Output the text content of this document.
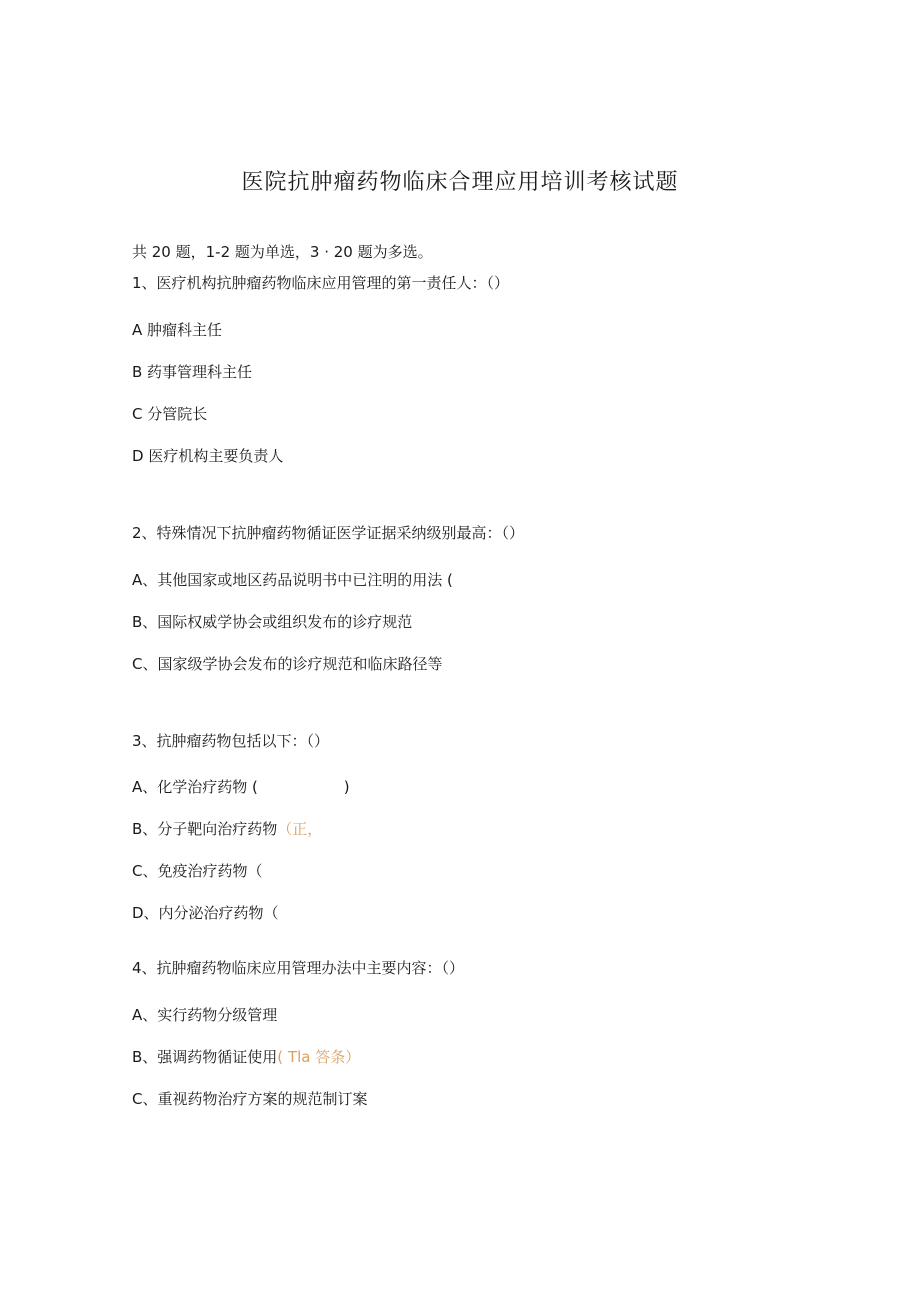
医院抗肿瘤药物临床合理应用培训考核试题
共 20 题，1-2 题为单选，3 · 20 题为多选。
1、医疗机构抗肿瘤药物临床应用管理的第一责任人：（）
A 肿瘤科主任
B 药事管理科主任
C 分管院长
D 医疗机构主要负责人
2、特殊情况下抗肿瘤药物循证医学证据采纳级别最高：（）
A、其他国家或地区药品说明书中已注明的用法 (
B、国际权威学协会或组织发布的诊疗规范
C、国家级学协会发布的诊疗规范和临床路径等
3、抗肿瘤药物包括以下：（）
A、化学治疗药物 (                  )
B、分子靶向治疗药物（正，
C、免疫治疗药物（
D、内分泌治疗药物（
4、抗肿瘤药物临床应用管理办法中主要内容：（）
A、实行药物分级管理
B、强调药物循证使用( Tla 答条）
C、重视药物治疗方案的规范制订案
